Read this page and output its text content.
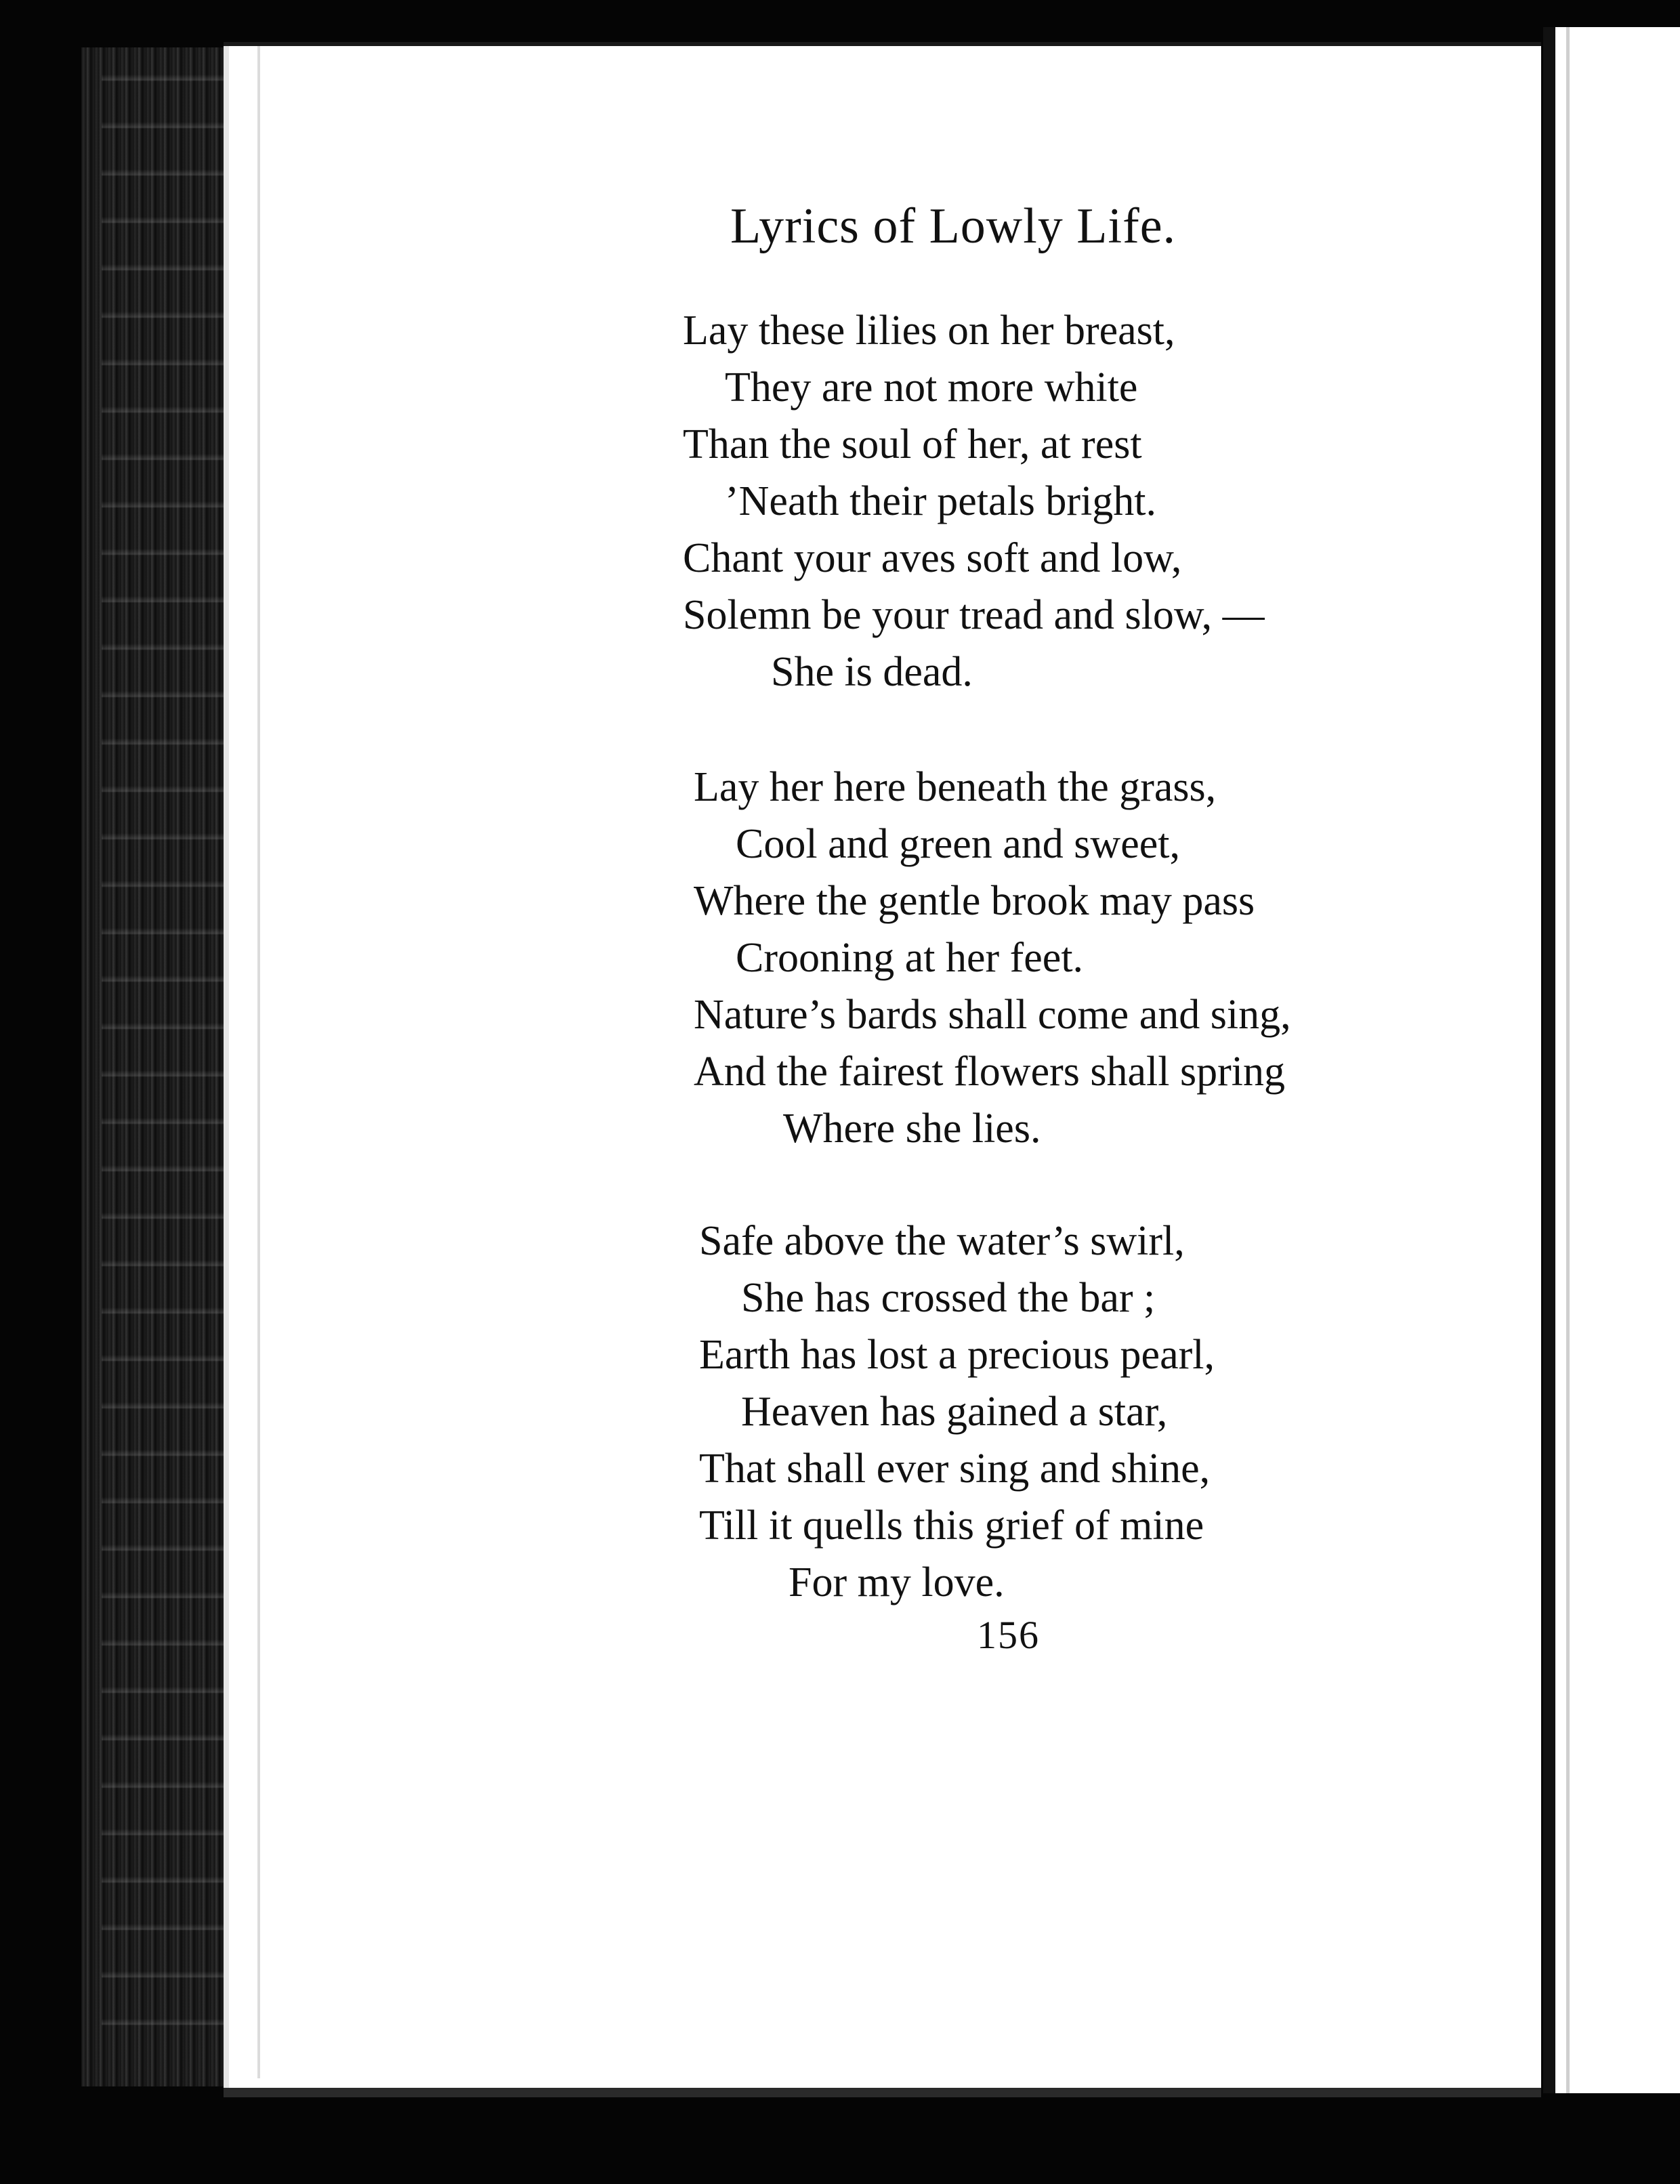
Lyrics of Lowly Life.
Lay these lilies on her breast,
They are not more white
Than the soul of her, at rest
’Neath their petals bright.
Chant your aves soft and low,
Solemn be your tread and slow, —
She is dead.
Lay her here beneath the grass,
Cool and green and sweet,
Where the gentle brook may pass
Crooning at her feet.
Nature’s bards shall come and sing,
And the fairest flowers shall spring
Where she lies.
Safe above the water’s swirl,
She has crossed the bar ;
Earth has lost a precious pearl,
Heaven has gained a star,
That shall ever sing and shine,
Till it quells this grief of mine
For my love.
156
